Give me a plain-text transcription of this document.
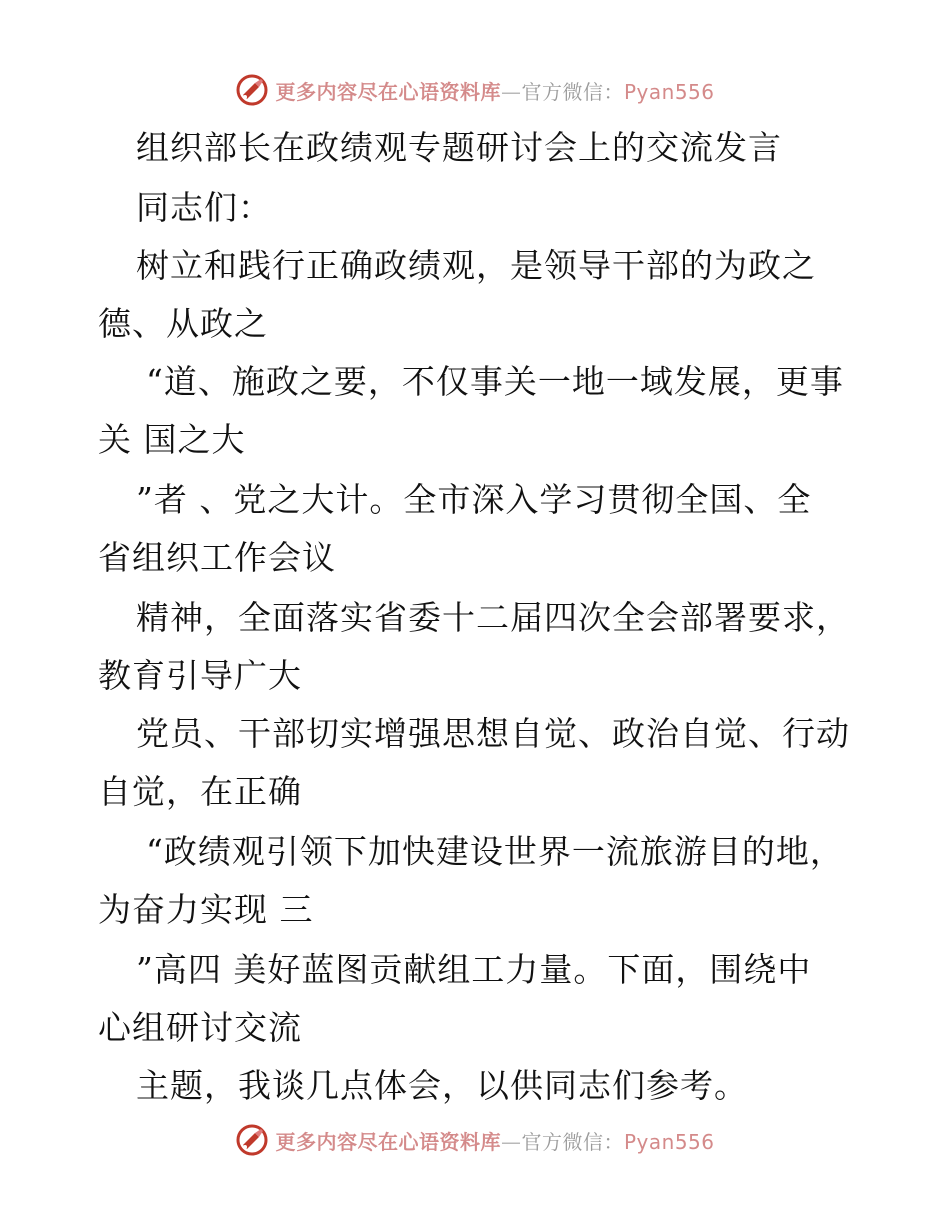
更多内容尽在心语资料库—官方微信：Pyan556
组织部长在政绩观专题研讨会上的交流发言
同志们：
树立和践行正确政绩观，是领导干部的为政之
德、从政之
“道、施政之要，不仅事关一地一域发展，更事
关 国之大
”者 、党之大计。全市深入学习贯彻全国、全
省组织工作会议
精神，全面落实省委十二届四次全会部署要求，
教育引导广大
党员、干部切实增强思想自觉、政治自觉、行动
自觉，在正确
“政绩观引领下加快建设世界一流旅游目的地，
为奋力实现 三
”高四 美好蓝图贡献组工力量。下面，围绕中
心组研讨交流
主题，我谈几点体会，以供同志们参考。
更多内容尽在心语资料库—官方微信：Pyan556
